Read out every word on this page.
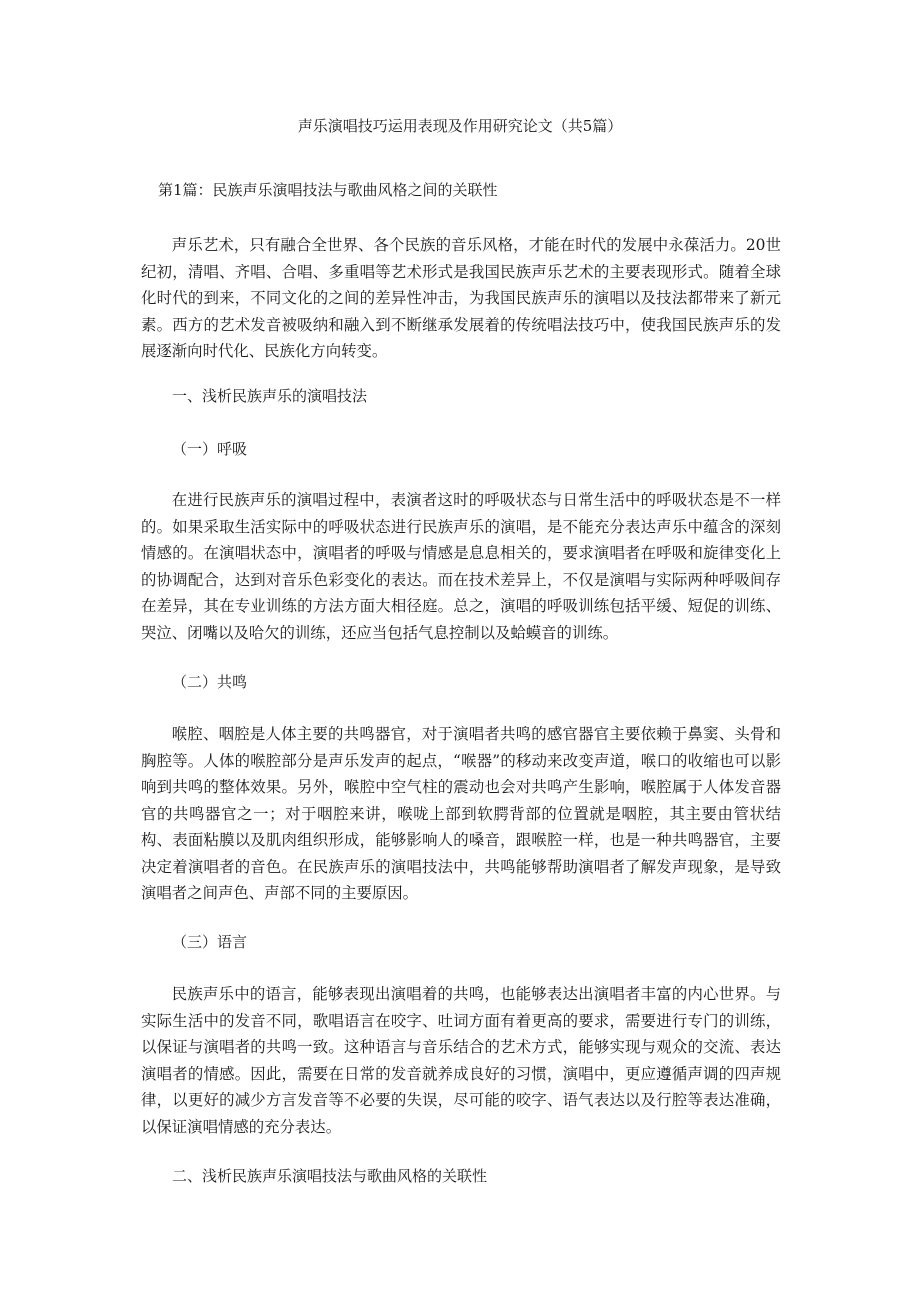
声乐演唱技巧运用表现及作用研究论文（共5篇）
第1篇：民族声乐演唱技法与歌曲风格之间的关联性

声乐艺术，只有融合全世界、各个民族的音乐风格，才能在时代的发展中永葆活力。20世纪初，清唱、齐唱、合唱、多重唱等艺术形式是我国民族声乐艺术的主要表现形式。随着全球化时代的到来，不同文化的之间的差异性冲击，为我国民族声乐的演唱以及技法都带来了新元素。西方的艺术发音被吸纳和融入到不断继承发展着的传统唱法技巧中，使我国民族声乐的发展逐渐向时代化、民族化方向转变。

一、浅析民族声乐的演唱技法
（一）呼吸

在进行民族声乐的演唱过程中，表演者这时的呼吸状态与日常生活中的呼吸状态是不一样的。如果采取生活实际中的呼吸状态进行民族声乐的演唱，是不能充分表达声乐中蕴含的深刻情感的。在演唱状态中，演唱者的呼吸与情感是息息相关的，要求演唱者在呼吸和旋律变化上的协调配合，达到对音乐色彩变化的表达。而在技术差异上，不仅是演唱与实际两种呼吸间存在差异，其在专业训练的方法方面大相径庭。总之，演唱的呼吸训练包括平缓、短促的训练、哭泣、闭嘴以及哈欠的训练，还应当包括气息控制以及蛤蟆音的训练。

（二）共鸣

喉腔、咽腔是人体主要的共鸣器官，对于演唱者共鸣的感官器官主要依赖于鼻窦、头骨和胸腔等。人体的喉腔部分是声乐发声的起点，“喉器”的移动来改变声道，喉口的收缩也可以影响到共鸣的整体效果。另外，喉腔中空气柱的震动也会对共鸣产生影响，喉腔属于人体发音器官的共鸣器官之一；对于咽腔来讲，喉咙上部到软腭背部的位置就是咽腔，其主要由管状结构、表面粘膜以及肌肉组织形成，能够影响人的嗓音，跟喉腔一样，也是一种共鸣器官，主要决定着演唱者的音色。在民族声乐的演唱技法中，共鸣能够帮助演唱者了解发声现象，是导致演唱者之间声色、声部不同的主要原因。

（三）语言

民族声乐中的语言，能够表现出演唱着的共鸣，也能够表达出演唱者丰富的内心世界。与实际生活中的发音不同，歌唱语言在咬字、吐词方面有着更高的要求，需要进行专门的训练，以保证与演唱者的共鸣一致。这种语言与音乐结合的艺术方式，能够实现与观众的交流、表达演唱者的情感。因此，需要在日常的发音就养成良好的习惯，演唱中，更应遵循声调的四声规律，以更好的减少方言发音等不必要的失误，尽可能的咬字、语气表达以及行腔等表达准确，以保证演唱情感的充分表达。

二、浅析民族声乐演唱技法与歌曲风格的关联性
